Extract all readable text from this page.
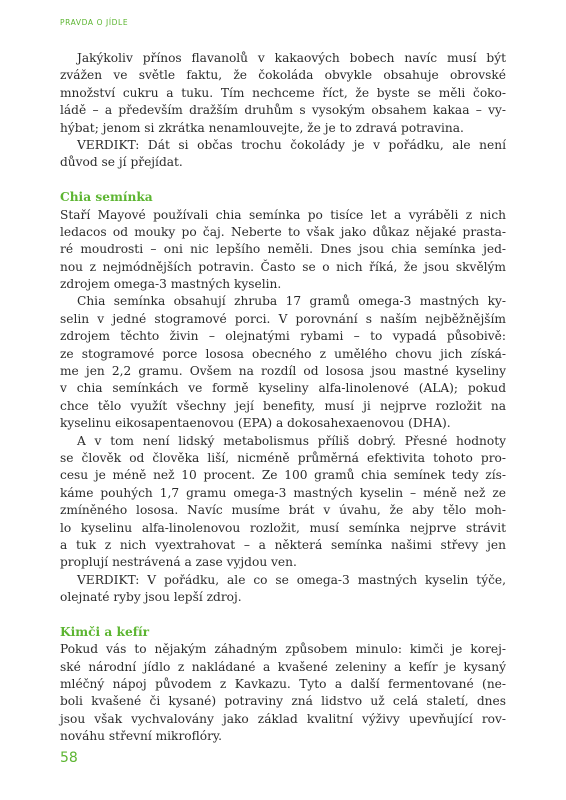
PRAVDA O JÍDLE
Jakýkoliv přínos flavanolů v kakaových bobech navíc musí být
zvážen ve světle faktu, že čokoláda obvykle obsahuje obrovské
množství cukru a tuku. Tím nechceme říct, že byste se měli čoko-
ládě – a především dražším druhům s vysokým obsahem kakaa – vy-
hýbat; jenom si zkrátka nenamlouvejte, že je to zdravá potravina.
VERDIKT: Dát si občas trochu čokolády je v pořádku, ale není
důvod se jí přejídat.
Chia semínka
Staří Mayové používali chia semínka po tisíce let a vyráběli z nich
ledacos od mouky po čaj. Neberte to však jako důkaz nějaké prasta-
ré moudrosti – oni nic lepšího neměli. Dnes jsou chia semínka jed-
nou z nejmódnějších potravin. Často se o nich říká, že jsou skvělým
zdrojem omega-3 mastných kyselin.
Chia semínka obsahují zhruba 17 gramů omega-3 mastných ky-
selin v jedné stogramové porci. V porovnání s naším nejběžnějším
zdrojem těchto živin – olejnatými rybami – to vypadá působivě:
ze stogramové porce lososa obecného z umělého chovu jich získá-
me jen 2,2 gramu. Ovšem na rozdíl od lososa jsou mastné kyseliny
v chia semínkách ve formě kyseliny alfa-linolenové (ALA); pokud
chce tělo využít všechny její benefity, musí ji nejprve rozložit na
kyselinu eikosapentaenovou (EPA) a dokosahexaenovou (DHA).
A v tom není lidský metabolismus příliš dobrý. Přesné hodnoty
se člověk od člověka liší, nicméně průměrná efektivita tohoto pro-
cesu je méně než 10 procent. Ze 100 gramů chia semínek tedy zís-
káme pouhých 1,7 gramu omega-3 mastných kyselin – méně než ze
zmíněného lososa. Navíc musíme brát v úvahu, že aby tělo moh-
lo kyselinu alfa-linolenovou rozložit, musí semínka nejprve strávit
a tuk z nich vyextrahovat – a některá semínka našimi střevy jen
proplují nestrávená a zase vyjdou ven.
VERDIKT: V pořádku, ale co se omega-3 mastných kyselin týče,
olejnaté ryby jsou lepší zdroj.
Kimči a kefír
Pokud vás to nějakým záhadným způsobem minulo: kimči je korej-
ské národní jídlo z nakládané a kvašené zeleniny a kefír je kysaný
mléčný nápoj původem z Kavkazu. Tyto a další fermentované (ne-
boli kvašené či kysané) potraviny zná lidstvo už celá staletí, dnes
jsou však vychvalovány jako základ kvalitní výživy upevňující rov-
nováhu střevní mikroflóry.
58
